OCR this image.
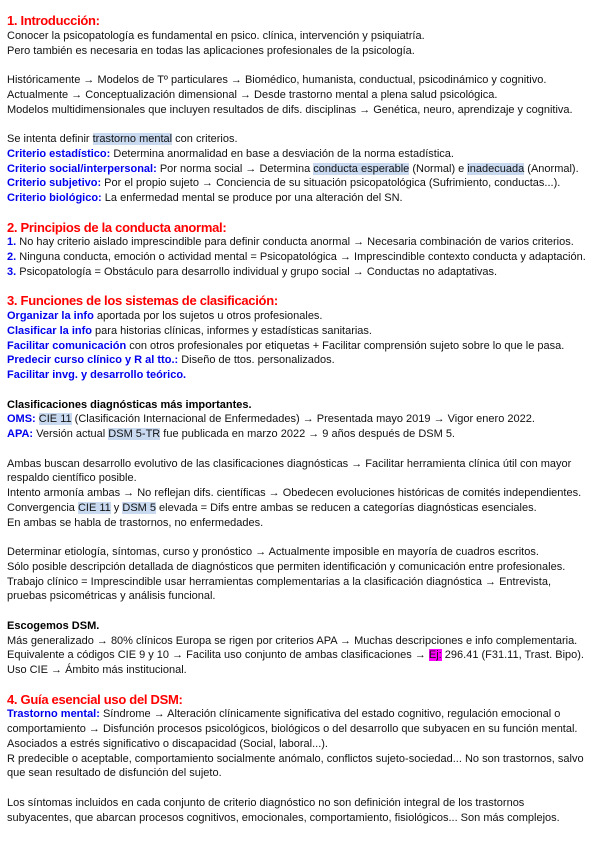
1. Introducción:
Conocer la psicopatología es fundamental en psico. clínica, intervención y psiquiatría.
Pero también es necesaria en todas las aplicaciones profesionales de la psicología.
Históricamente → Modelos de Tº particulares → Biomédico, humanista, conductual, psicodinámico y cognitivo.
Actualmente → Conceptualización dimensional → Desde trastorno mental a plena salud psicológica.
Modelos multidimensionales que incluyen resultados de difs. disciplinas → Genética, neuro, aprendizaje y cognitiva.
Se intenta definir trastorno mental con criterios.
Criterio estadístico: Determina anormalidad en base a desviación de la norma estadística.
Criterio social/interpersonal: Por norma social → Determina conducta esperable (Normal) e inadecuada (Anormal).
Criterio subjetivo: Por el propio sujeto → Conciencia de su situación psicopatológica (Sufrimiento, conductas...).
Criterio biológico: La enfermedad mental se produce por una alteración del SN.
2. Principios de la conducta anormal:
1. No hay criterio aislado imprescindible para definir conducta anormal → Necesaria combinación de varios criterios.
2. Ninguna conducta, emoción o actividad mental = Psicopatológica → Imprescindible contexto conducta y adaptación.
3. Psicopatología = Obstáculo para desarrollo individual y grupo social → Conductas no adaptativas.
3. Funciones de los sistemas de clasificación:
Organizar la info aportada por los sujetos u otros profesionales.
Clasificar la info para historias clínicas, informes y estadísticas sanitarias.
Facilitar comunicación con otros profesionales por etiquetas + Facilitar comprensión sujeto sobre lo que le pasa.
Predecir curso clínico y R al tto.: Diseño de ttos. personalizados.
Facilitar invg. y desarrollo teórico.
Clasificaciones diagnósticas más importantes.
OMS: CIE 11 (Clasificación Internacional de Enfermedades) → Presentada mayo 2019 → Vigor enero 2022.
APA: Versión actual DSM 5-TR fue publicada en marzo 2022 → 9 años después de DSM 5.
Ambas buscan desarrollo evolutivo de las clasificaciones diagnósticas → Facilitar herramienta clínica útil con mayor
respaldo científico posible.
Intento armonía ambas → No reflejan difs. científicas → Obedecen evoluciones históricas de comités independientes.
Convergencia CIE 11 y DSM 5 elevada = Difs entre ambas se reducen a categorías diagnósticas esenciales.
En ambas se habla de trastornos, no enfermedades.
Determinar etiología, síntomas, curso y pronóstico → Actualmente imposible en mayoría de cuadros escritos.
Sólo posible descripción detallada de diagnósticos que permiten identificación y comunicación entre profesionales.
Trabajo clínico = Imprescindible usar herramientas complementarias a la clasificación diagnóstica → Entrevista,
pruebas psicométricas y análisis funcional.
Escogemos DSM.
Más generalizado → 80% clínicos Europa se rigen por criterios APA → Muchas descripciones e info complementaria.
Equivalente a códigos CIE 9 y 10 → Facilita uso conjunto de ambas clasificaciones → Ej: 296.41 (F31.11, Trast. Bipo).
Uso CIE → Ámbito más institucional.
4. Guía esencial uso del DSM:
Trastorno mental: Síndrome → Alteración clínicamente significativa del estado cognitivo, regulación emocional o
comportamiento → Disfunción procesos psicológicos, biológicos o del desarrollo que subyacen en su función mental.
Asociados a estrés significativo o discapacidad (Social, laboral...).
R predecible o aceptable, comportamiento socialmente anómalo, conflictos sujeto-sociedad... No son trastornos, salvo
que sean resultado de disfunción del sujeto.
Los síntomas incluidos en cada conjunto de criterio diagnóstico no son definición integral de los trastornos
subyacentes, que abarcan procesos cognitivos, emocionales, comportamiento, fisiológicos... Son más complejos.
